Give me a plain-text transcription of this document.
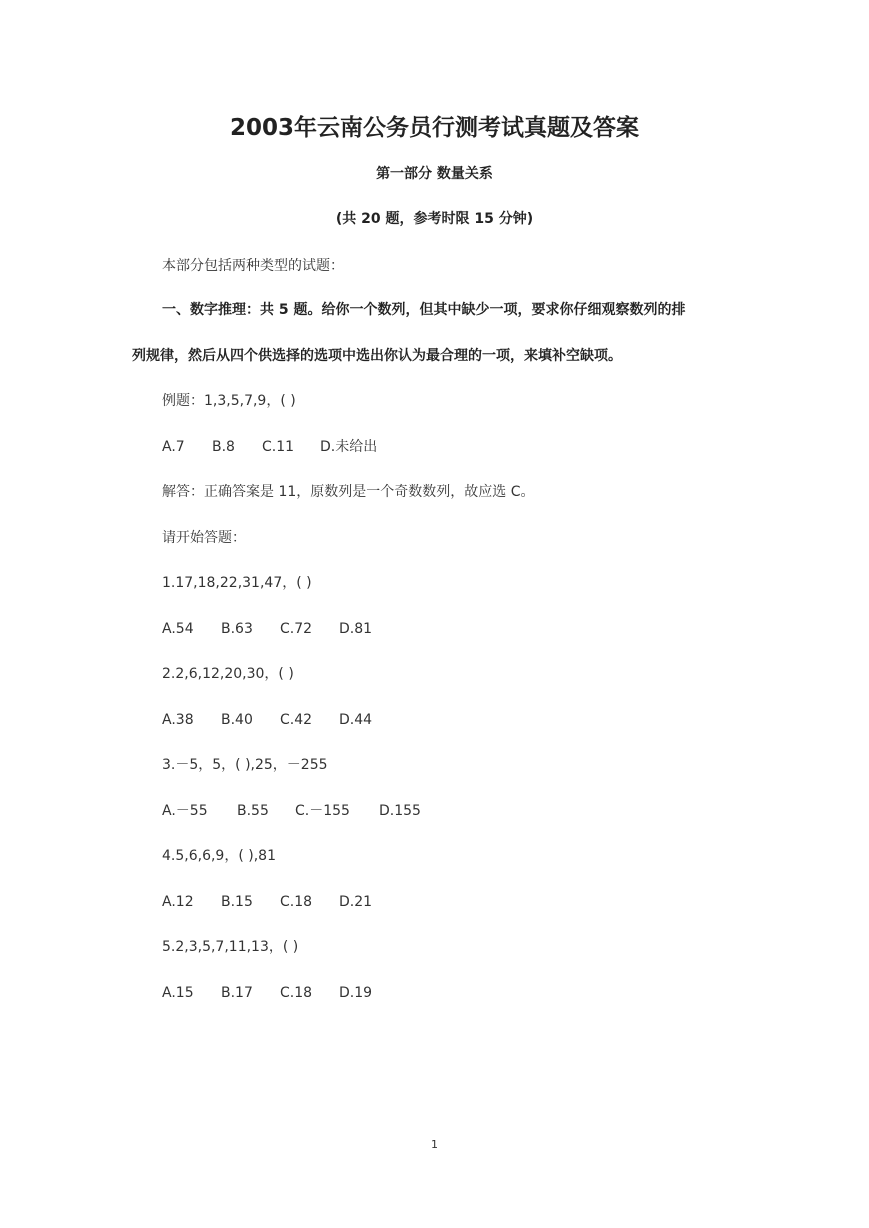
2003年云南公务员行测考试真题及答案
第一部分 数量关系
(共 20 题，参考时限 15 分钟)
本部分包括两种类型的试题：
一、数字推理：共 5 题。给你一个数列，但其中缺少一项，要求你仔细观察数列的排
列规律，然后从四个供选择的选项中选出你认为最合理的一项，来填补空缺项。
例题：1,3,5,7,9，( )
A.7	B.8	C.11	D.未给出
解答：正确答案是 11，原数列是一个奇数数列，故应选 C。
请开始答题：
1.17,18,22,31,47，( )
A.54	B.63	C.72	D.81
2.2,6,12,20,30，( )
A.38	B.40	C.42	D.44
3.－5，5，( ),25，－255
A.－55	B.55	C.－155	D.155
4.5,6,6,9，( ),81
A.12	B.15	C.18	D.21
5.2,3,5,7,11,13，( )
A.15	B.17	C.18	D.19
1
